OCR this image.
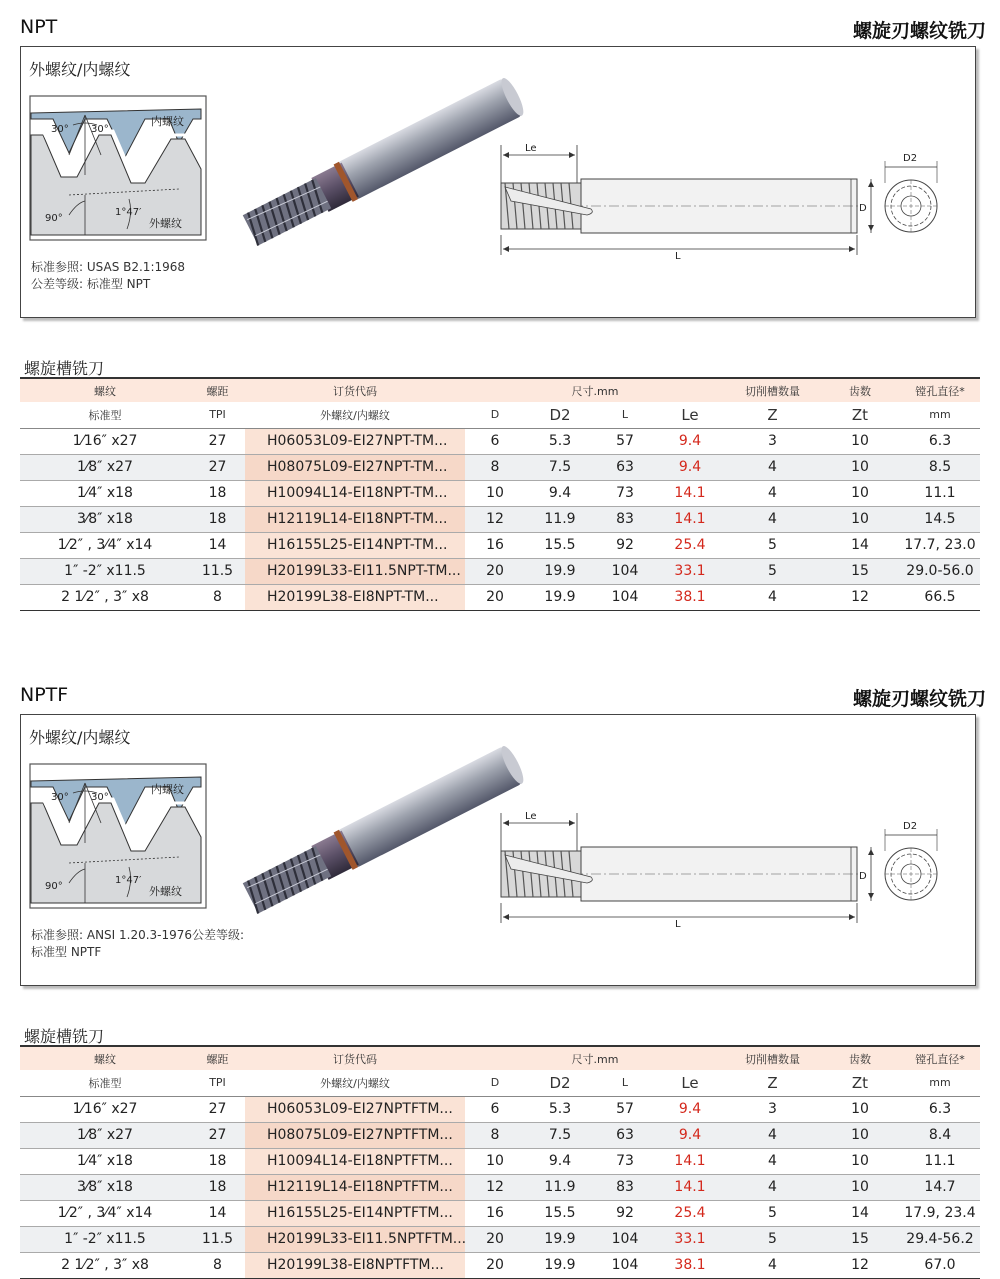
NPT	螺旋刃螺纹铣刀
外螺纹/内螺纹
30° 30°
内螺纹
外螺纹
90°
1°47′
标准参照: USAS B2.1:1968
公差等级: 标准型 NPT
Le
L
D
D2
螺旋槽铣刀
螺纹	螺距	订货代码	尺寸.mm				切削槽数量	齿数	镗孔直径*
标准型	TPI	外螺纹/内螺纹	D	D2	L	Le	Z	Zt	mm
1⁄16″ x27	27	H06053L09-EI27NPT-TM...	6	5.3	57	9.4	3	10	6.3
1⁄8″ x27	27	H08075L09-EI27NPT-TM...	8	7.5	63	9.4	4	10	8.5
1⁄4″ x18	18	H10094L14-EI18NPT-TM...	10	9.4	73	14.1	4	10	11.1
3⁄8″ x18	18	H12119L14-EI18NPT-TM...	12	11.9	83	14.1	4	10	14.5
1⁄2″ , 3⁄4″ x14	14	H16155L25-EI14NPT-TM...	16	15.5	92	25.4	5	14	17.7, 23.0
1″ -2″ x11.5	11.5	H20199L33-EI11.5NPT-TM...	20	19.9	104	33.1	5	15	29.0-56.0
2 1⁄2″ , 3″ x8	8	H20199L38-EI8NPT-TM...	20	19.9	104	38.1	4	12	66.5
NPTF	螺旋刃螺纹铣刀
外螺纹/内螺纹
30° 30°
内螺纹
外螺纹
90°
1°47′
标准参照: ANSI 1.20.3-1976公差等级:
标准型 NPTF
Le
L
D
D2
螺旋槽铣刀
螺纹	螺距	订货代码	尺寸.mm				切削槽数量	齿数	镗孔直径*
标准型	TPI	外螺纹/内螺纹	D	D2	L	Le	Z	Zt	mm
1⁄16″ x27	27	H06053L09-EI27NPTFTM...	6	5.3	57	9.4	3	10	6.3
1⁄8″ x27	27	H08075L09-EI27NPTFTM...	8	7.5	63	9.4	4	10	8.4
1⁄4″ x18	18	H10094L14-EI18NPTFTM...	10	9.4	73	14.1	4	10	11.1
3⁄8″ x18	18	H12119L14-EI18NPTFTM...	12	11.9	83	14.1	4	10	14.7
1⁄2″ , 3⁄4″ x14	14	H16155L25-EI14NPTFTM...	16	15.5	92	25.4	5	14	17.9, 23.4
1″ -2″ x11.5	11.5	H20199L33-EI11.5NPTFTM...	20	19.9	104	33.1	5	15	29.4-56.2
2 1⁄2″ , 3″ x8	8	H20199L38-EI8NPTFTM...	20	19.9	104	38.1	4	12	67.0
